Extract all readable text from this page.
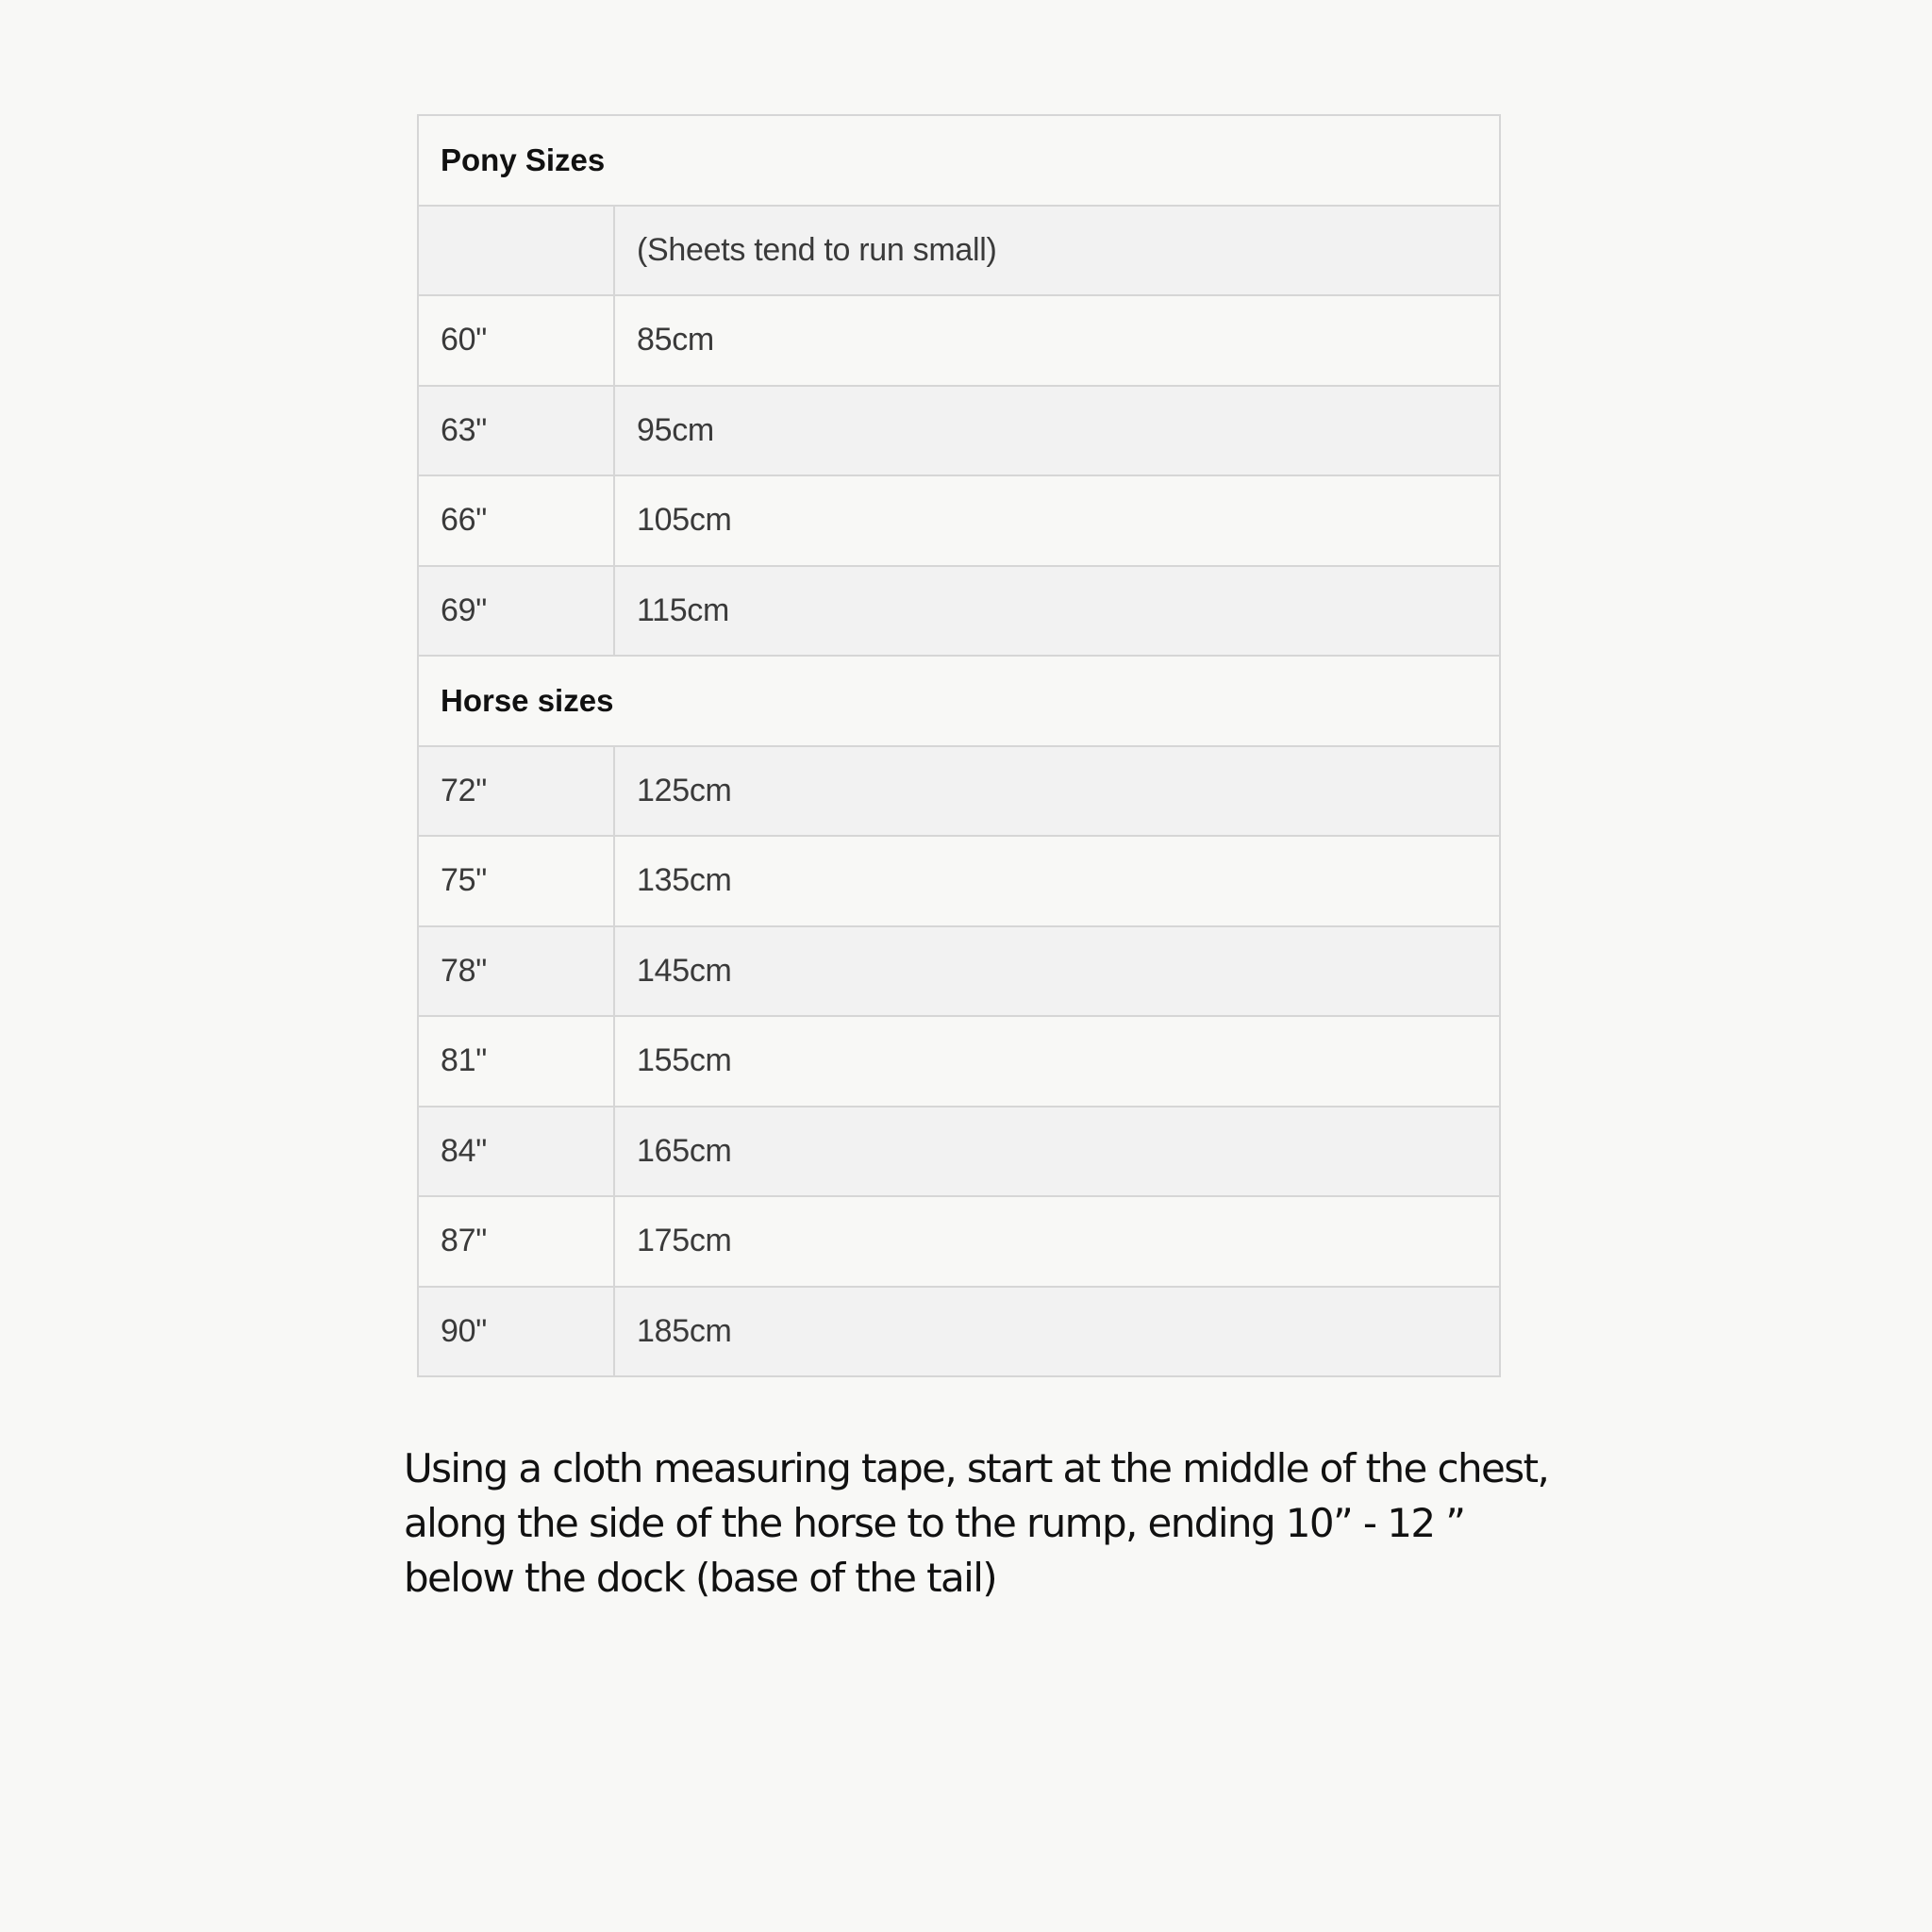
Pony Sizes	
	(Sheets tend to run small)
60"	85cm
63"	95cm
66"	105cm
69"	115cm
Horse sizes	
72"	125cm
75"	135cm
78"	145cm
81"	155cm
84"	165cm
87"	175cm
90"	185cm

Using a cloth measuring tape, start at the middle of the chest, along the side of the horse to the rump, ending 10” - 12 ” below the dock (base of the tail)
